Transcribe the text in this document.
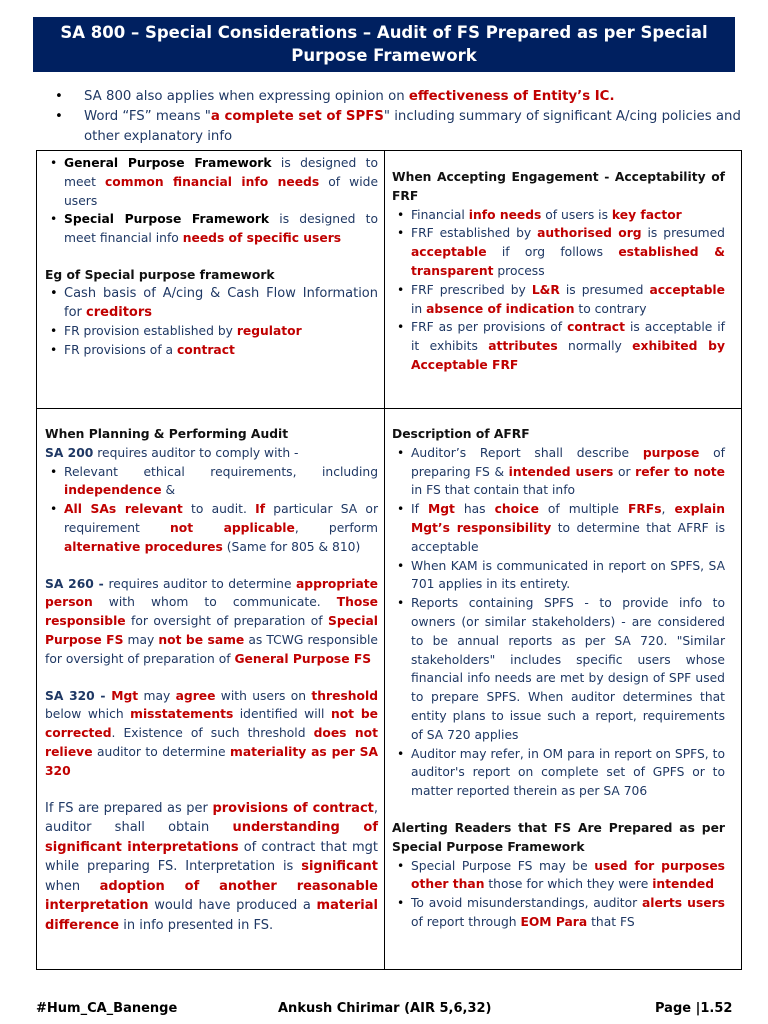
SA 800 – Special Considerations – Audit of FS Prepared as per Special
Purpose Framework
• SA 800 also applies when expressing opinion on effectiveness of Entity’s IC.
• Word “FS” means "a complete set of SPFS" including summary of significant A/cing policies and other explanatory info
• General Purpose Framework is designed to meet common financial info needs of wide users
• Special Purpose Framework is designed to meet financial info needs of specific users

Eg of Special purpose framework

• Cash basis of A/cing & Cash Flow Information for creditors
• FR provision established by regulator
• FR provisions of a contract

When Accepting Engagement - Acceptability of FRF

• Financial info needs of users is key factor
• FRF established by authorised org is presumed acceptable if org follows established & transparent process
• FRF prescribed by L&R is presumed acceptable in absence of indication to contrary
• FRF as per provisions of contract is acceptable if it exhibits attributes normally exhibited by Acceptable FRF

When Planning & Performing Audit

SA 200 requires auditor to comply with -

• Relevant ethical requirements, including independence &
• All SAs relevant to audit. If particular SA or requirement not applicable, perform alternative procedures (Same for 805 & 810)

SA 260 - requires auditor to determine appropriate person with whom to communicate. Those responsible for oversight of preparation of Special Purpose FS may not be same as TCWG responsible for oversight of preparation of General Purpose FS

SA 320 - Mgt may agree with users on threshold below which misstatements identified will not be corrected. Existence of such threshold does not relieve auditor to determine materiality as per SA 320

If FS are prepared as per provisions of contract, auditor shall obtain understanding of significant interpretations of contract that mgt while preparing FS. Interpretation is significant when adoption of another reasonable interpretation would have produced a material difference in info presented in FS.

Description of AFRF

• Auditor’s Report shall describe purpose of preparing FS & intended users or refer to note in FS that contain that info
• If Mgt has choice of multiple FRFs, explain Mgt’s responsibility to determine that AFRF is acceptable
• When KAM is communicated in report on SPFS, SA 701 applies in its entirety.
• Reports containing SPFS - to provide info to owners (or similar stakeholders) - are considered to be annual reports as per SA 720. "Similar stakeholders" includes specific users whose financial info needs are met by design of SPF used to prepare SPFS. When auditor determines that entity plans to issue such a report, requirements of SA 720 applies
• Auditor may refer, in OM para in report on SPFS, to auditor's report on complete set of GPFS or to matter reported therein as per SA 706

Alerting Readers that FS Are Prepared as per Special Purpose Framework

• Special Purpose FS may be used for purposes other than those for which they were intended
• To avoid misunderstandings, auditor alerts users of report through EOM Para that FS
#Hum_CA_Banenge	Ankush Chirimar (AIR 5,6,32)	Page |1.52
